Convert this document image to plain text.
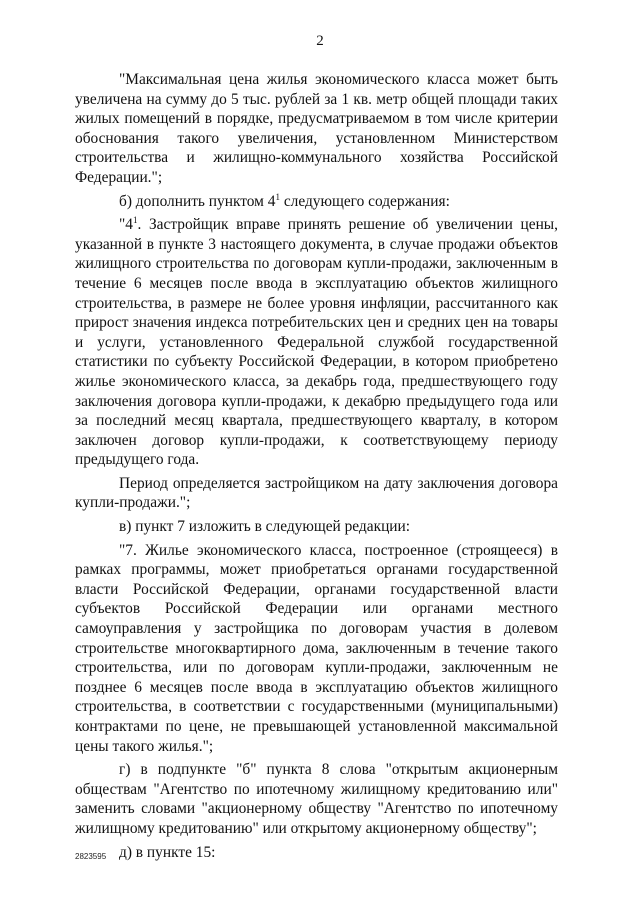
2

"Максимальная цена жилья экономического класса может быть увеличена на сумму до 5 тыс. рублей за 1 кв. метр общей площади таких жилых помещений в порядке, предусматриваемом в том числе критерии обоснования такого увеличения, установленном Министерством строительства и жилищно-коммунального хозяйства Российской Федерации.";

б) дополнить пунктом $4^1$ следующего содержания:

"$4^1$. Застройщик вправе принять решение об увеличении цены, указанной в пункте 3 настоящего документа, в случае продажи объектов жилищного строительства по договорам купли-продажи, заключенным в течение 6 месяцев после ввода в эксплуатацию объектов жилищного строительства, в размере не более уровня инфляции, рассчитанного как прирост значения индекса потребительских цен и средних цен на товары и услуги, установленного Федеральной службой государственной статистики по субъекту Российской Федерации, в котором приобретено жилье экономического класса, за декабрь года, предшествующего году заключения договора купли-продажи, к декабрю предыдущего года или за последний месяц квартала, предшествующего кварталу, в котором заключен договор купли-продажи, к соответствующему периоду предыдущего года.

Период определяется застройщиком на дату заключения договора купли-продажи.";

в) пункт 7 изложить в следующей редакции:

"7. Жилье экономического класса, построенное (строящееся) в рамках программы, может приобретаться органами государственной власти Российской Федерации, органами государственной власти субъектов Российской Федерации или органами местного самоуправления у застройщика по договорам участия в долевом строительстве многоквартирного дома, заключенным в течение такого строительства, или по договорам купли-продажи, заключенным не позднее 6 месяцев после ввода в эксплуатацию объектов жилищного строительства, в соответствии с государственными (муниципальными) контрактами по цене, не превышающей установленной максимальной цены такого жилья.";

г) в подпункте "б" пункта 8 слова "открытым акционерным обществам "Агентство по ипотечному жилищному кредитованию или" заменить словами "акционерному обществу "Агентство по ипотечному жилищному кредитованию" или открытому акционерному обществу";

д) в пункте 15:

2823595
